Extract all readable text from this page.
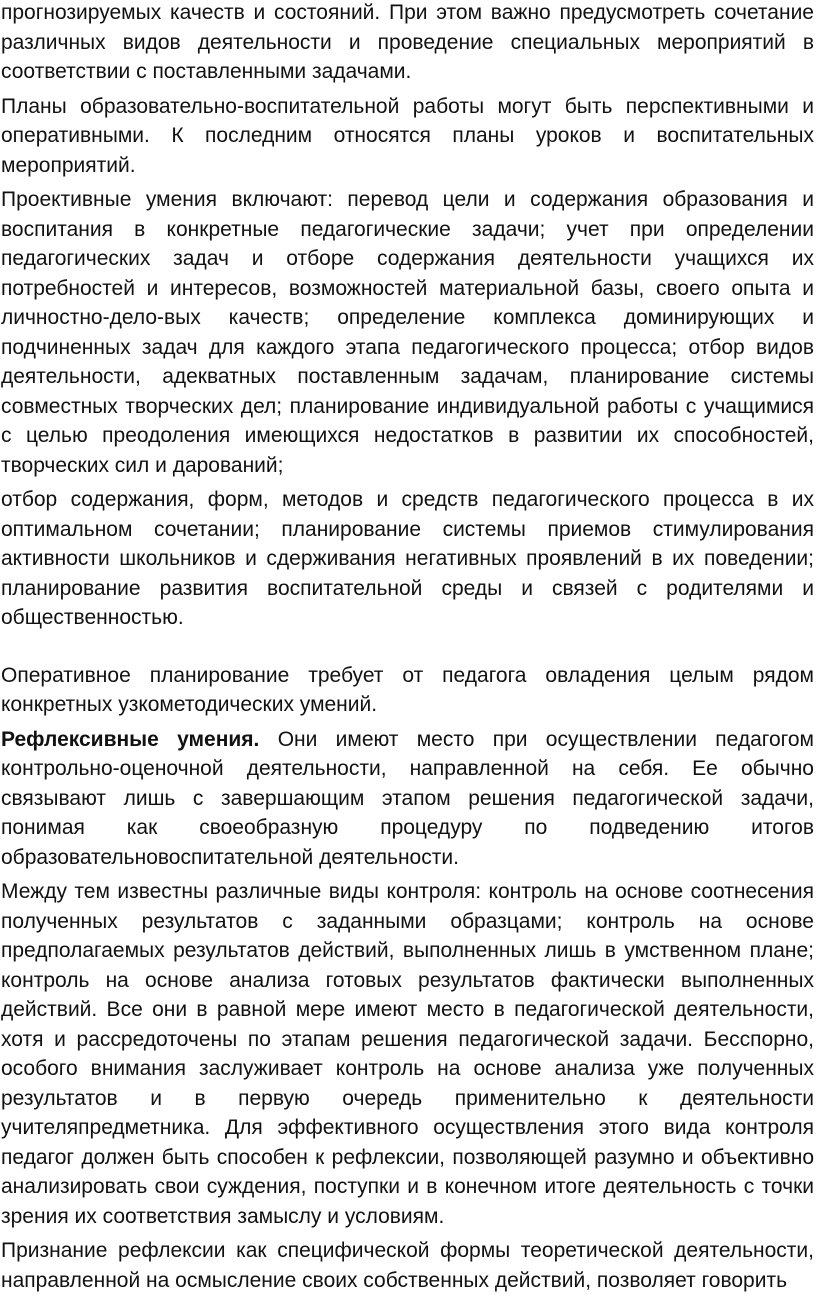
прогнозируемых качеств и состояний. При этом важно предусмотреть сочетание различных видов деятельности и проведение специальных мероприятий в соответствии с поставленными задачами.

Планы образовательно-воспитательной работы могут быть перспективными и оперативными. К последним относятся планы уроков и воспитательных мероприятий.

Проективные умения включают: перевод цели и содержания образования и воспитания в конкретные педагогические задачи; учет при определении педагогических задач и отборе содержания деятельности учащихся их потребностей и интересов, возможностей материальной базы, своего опыта и личностно-дело-вых качеств; определение комплекса доминирующих и подчиненных задач для каждого этапа педагогического процесса; отбор видов деятельности, адекватных поставленным задачам, планирование системы совместных творческих дел; планирование индивидуальной работы с учащимися с целью преодоления имеющихся недостатков в развитии их способностей, творческих сил и дарований;

отбор содержания, форм, методов и средств педагогического процесса в их оптимальном сочетании; планирование системы приемов стимулирования активности школьников и сдерживания негативных проявлений в их поведении; планирование развития воспитательной среды и связей с родителями и общественностью.

Оперативное планирование требует от педагога овладения целым рядом конкретных узкометодических умений.

Рефлексивные умения. Они имеют место при осуществлении педагогом контрольно-оценочной деятельности, направленной на себя. Ее обычно связывают лишь с завершающим этапом решения педагогической задачи, понимая как своеобразную процедуру по подведению итогов образовательновоспитательной деятельности.

Между тем известны различные виды контроля: контроль на основе соотнесения полученных результатов с заданными образцами; контроль на основе предполагаемых результатов действий, выполненных лишь в умственном плане; контроль на основе анализа готовых результатов фактически выполненных действий. Все они в равной мере имеют место в педагогической деятельности, хотя и рассредоточены по этапам решения педагогической задачи. Бесспорно, особого внимания заслуживает контроль на основе анализа уже полученных результатов и в первую очередь применительно к деятельности учителяпредметника. Для эффективного осуществления этого вида контроля педагог должен быть способен к рефлексии, позволяющей разумно и объективно анализировать свои суждения, поступки и в конечном итоге деятельность с точки зрения их соответствия замыслу и условиям.

Признание рефлексии как специфической формы теоретической деятельности, направленной на осмысление своих собственных действий, позволяет говорить
